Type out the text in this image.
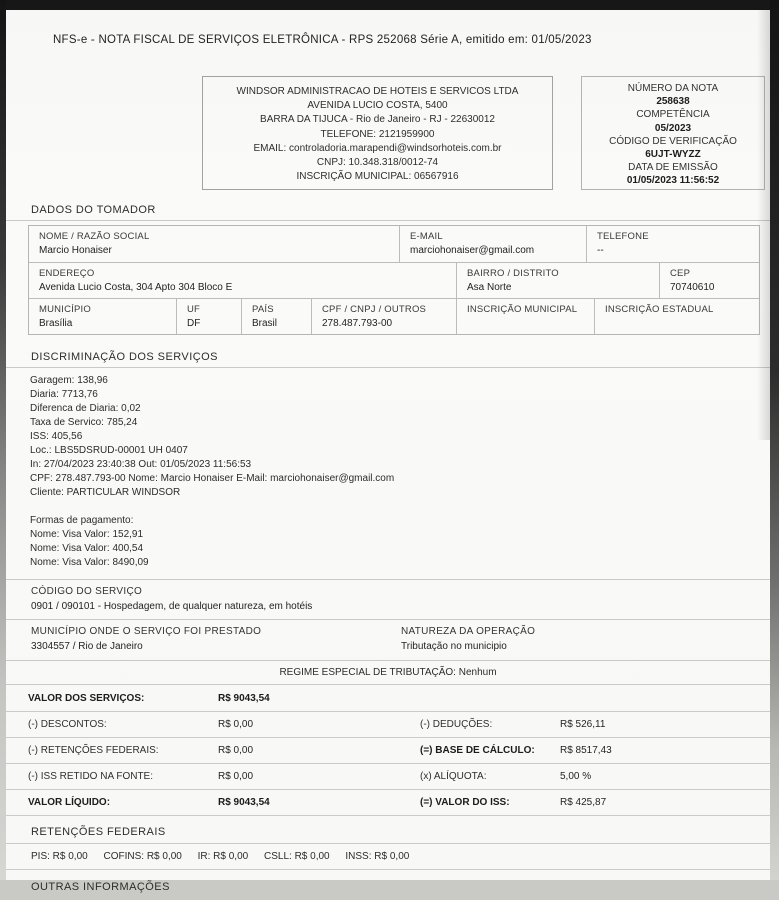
NFS-e - NOTA FISCAL DE SERVIÇOS ELETRÔNICA - RPS 252068 Série A, emitido em: 01/05/2023
WINDSOR ADMINISTRACAO DE HOTEIS E SERVICOS LTDA
AVENIDA LUCIO COSTA, 5400
BARRA DA TIJUCA - Rio de Janeiro - RJ - 22630012
TELEFONE: 2121959900
EMAIL: controladoria.marapendi@windsorhoteis.com.br
CNPJ: 10.348.318/0012-74
INSCRIÇÃO MUNICIPAL: 06567916
NÚMERO DA NOTA
258638
COMPETÊNCIA
05/2023
CÓDIGO DE VERIFICAÇÃO
6UJT-WYZZ
DATA DE EMISSÃO
01/05/2023 11:56:52
DADOS DO TOMADOR
NOME / RAZÃO SOCIAL
Marcio Honaiser
E-MAIL
marciohonaiser@gmail.com
TELEFONE
--
ENDEREÇO
Avenida Lucio Costa, 304 Apto 304 Bloco E
BAIRRO / DISTRITO
Asa Norte
CEP
70740610
MUNICÍPIO
Brasília
UF
DF
PAÍS
Brasil
CPF / CNPJ / OUTROS
278.487.793-00
INSCRIÇÃO MUNICIPAL	INSCRIÇÃO ESTADUAL
DISCRIMINAÇÃO DOS SERVIÇOS
Garagem: 138,96
Diaria: 7713,76
Diferenca de Diaria: 0,02
Taxa de Servico: 785,24
ISS: 405,56
Loc.: LBS5DSRUD-00001 UH 0407
In: 27/04/2023 23:40:38 Out: 01/05/2023 11:56:53
CPF: 278.487.793-00 Nome: Marcio Honaiser E-Mail: marciohonaiser@gmail.com
Cliente: PARTICULAR WINDSOR
Formas de pagamento:
Nome: Visa Valor: 152,91
Nome: Visa Valor: 400,54
Nome: Visa Valor: 8490,09
CÓDIGO DO SERVIÇO
0901 / 090101 - Hospedagem, de qualquer natureza, em hotéis
MUNICÍPIO ONDE O SERVIÇO FOI PRESTADO
3304557 / Rio de Janeiro
NATUREZA DA OPERAÇÃO
Tributação no municipio
REGIME ESPECIAL DE TRIBUTAÇÃO: Nenhum
VALOR DOS SERVIÇOS:	R$ 9043,54
(-) DESCONTOS:	R$ 0,00	(-) DEDUÇÕES:	R$ 526,11
(-) RETENÇÕES FEDERAIS:	R$ 0,00	(=) BASE DE CÁLCULO:	R$ 8517,43
(-) ISS RETIDO NA FONTE:	R$ 0,00	(x) ALÍQUOTA:	5,00 %
VALOR LÍQUIDO:	R$ 9043,54	(=) VALOR DO ISS:	R$ 425,87
RETENÇÕES FEDERAIS
PIS: R$ 0,00 COFINS: R$ 0,00 IR: R$ 0,00 CSLL: R$ 0,00 INSS: R$ 0,00
OUTRAS INFORMAÇÕES
